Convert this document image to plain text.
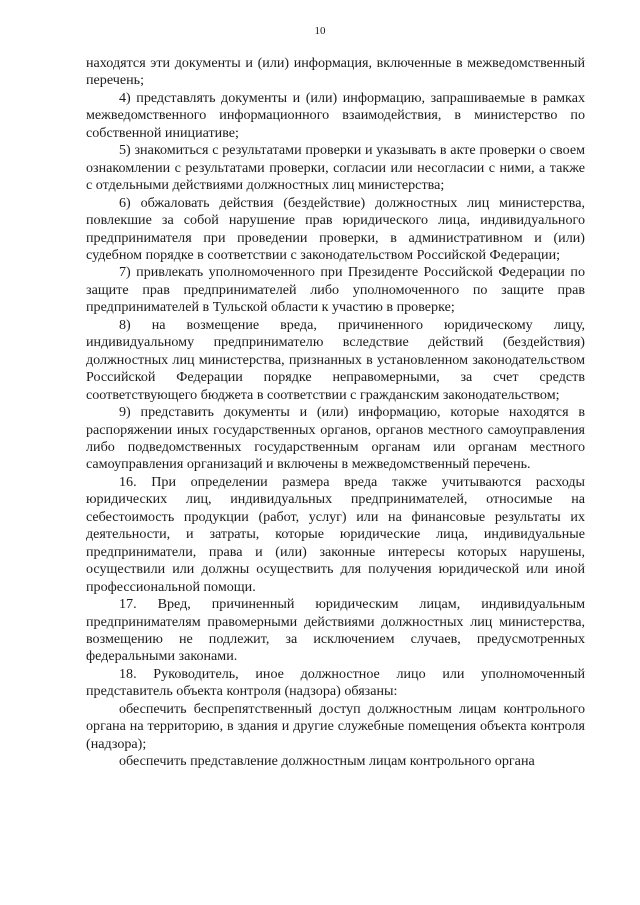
10

находятся эти документы и (или) информация, включенные в межведомственный перечень;

4) представлять документы и (или) информацию, запрашиваемые в рамках межведомственного информационного взаимодействия, в министерство по собственной инициативе;

5) знакомиться с результатами проверки и указывать в акте проверки о своем ознакомлении с результатами проверки, согласии или несогласии с ними, а также с отдельными действиями должностных лиц министерства;

6) обжаловать действия (бездействие) должностных лиц министерства, повлекшие за собой нарушение прав юридического лица, индивидуального предпринимателя при проведении проверки, в административном и (или) судебном порядке в соответствии с законодательством Российской Федерации;

7) привлекать уполномоченного при Президенте Российской Федерации по защите прав предпринимателей либо уполномоченного по защите прав предпринимателей в Тульской области к участию в проверке;

8) на возмещение вреда, причиненного юридическому лицу, индивидуальному предпринимателю вследствие действий (бездействия) должностных лиц министерства, признанных в установленном законодательством Российской Федерации порядке неправомерными, за счет средств соответствующего бюджета в соответствии с гражданским законодательством;

9) представить документы и (или) информацию, которые находятся в распоряжении иных государственных органов, органов местного самоуправления либо подведомственных государственным органам или органам местного самоуправления организаций и включены в межведомственный перечень.

16. При определении размера вреда также учитываются расходы юридических лиц, индивидуальных предпринимателей, относимые на себестоимость продукции (работ, услуг) или на финансовые результаты их деятельности, и затраты, которые юридические лица, индивидуальные предприниматели, права и (или) законные интересы которых нарушены, осуществили или должны осуществить для получения юридической или иной профессиональной помощи.

17. Вред, причиненный юридическим лицам, индивидуальным предпринимателям правомерными действиями должностных лиц министерства, возмещению не подлежит, за исключением случаев, предусмотренных федеральными законами.

18. Руководитель, иное должностное лицо или уполномоченный представитель объекта контроля (надзора) обязаны:

обеспечить беспрепятственный доступ должностным лицам контрольного органа на территорию, в здания и другие служебные помещения объекта контроля (надзора);

обеспечить представление должностным лицам контрольного органа
